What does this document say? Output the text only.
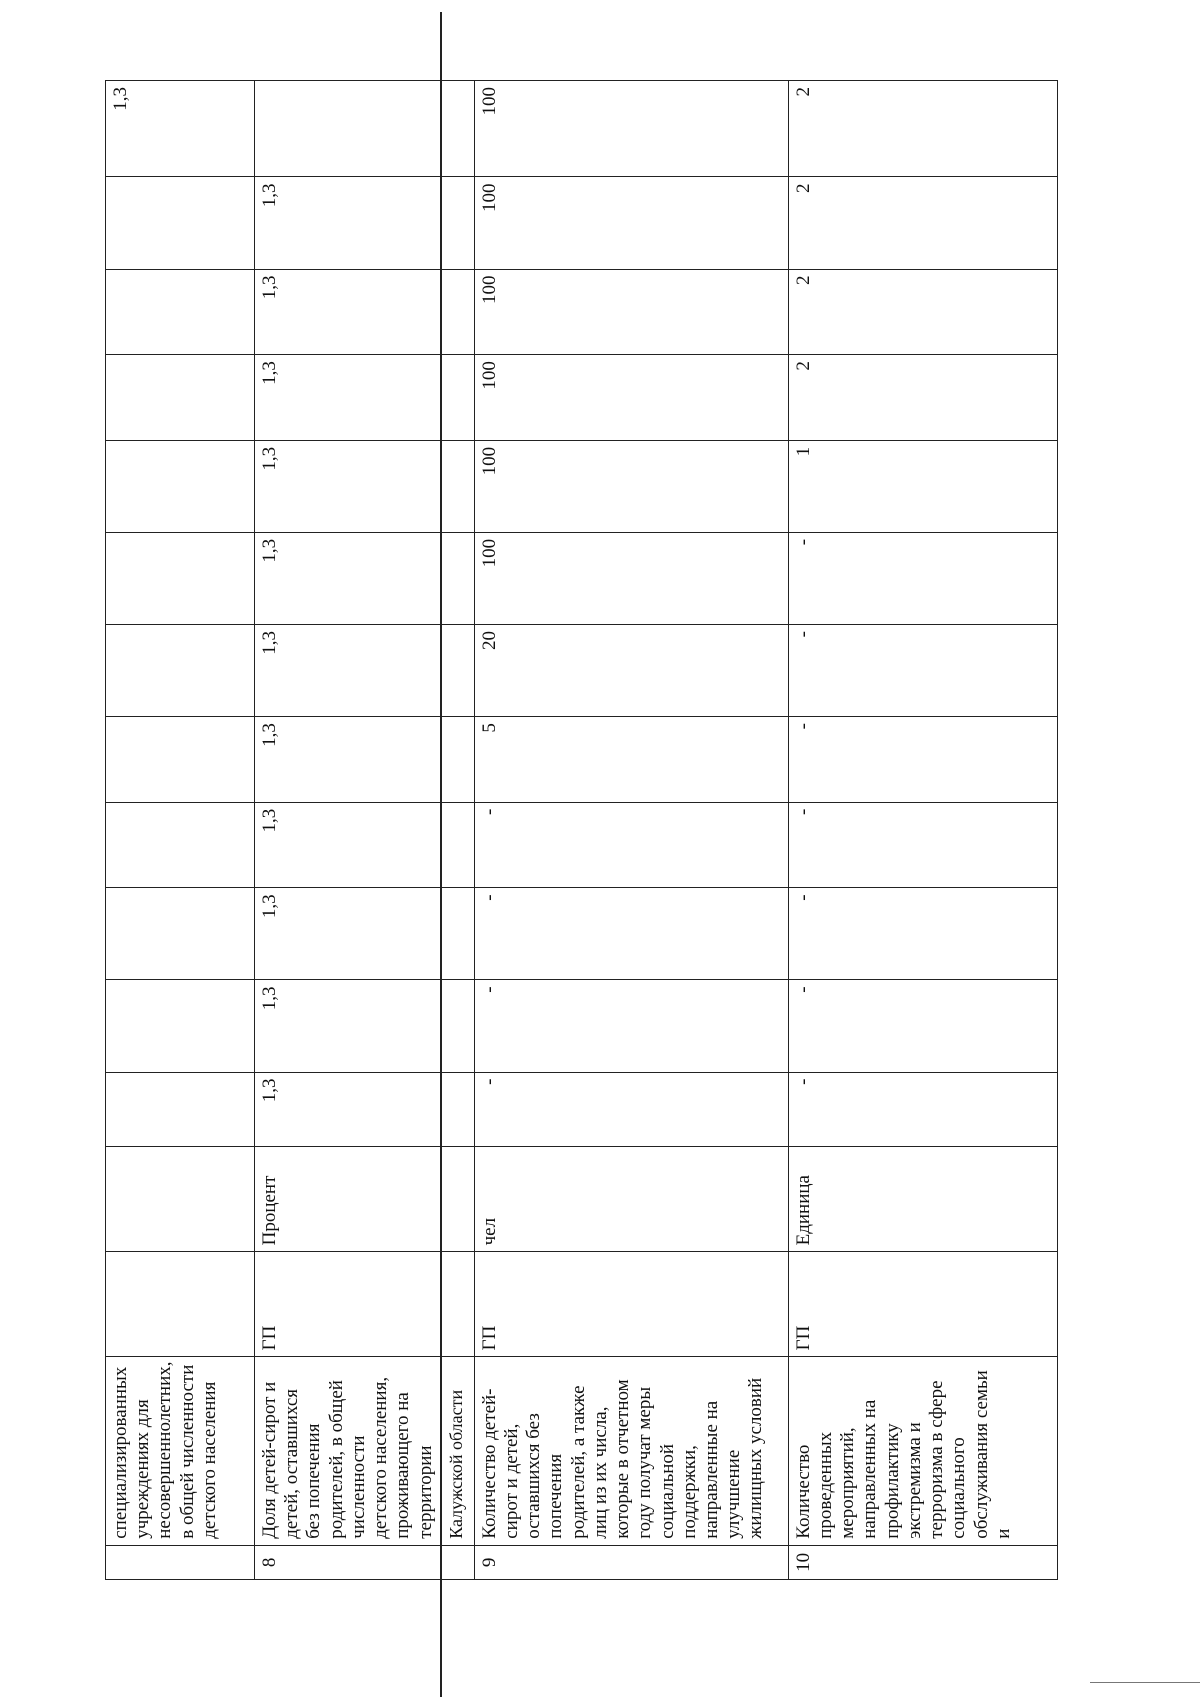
	специализированных учреждениях для несовершеннолетних, в общей численности детского населения														1,3
8	Доля детей-сирот и детей, оставшихся без попечения родителей, в общей численности детского населения, проживающего на территории	ГП	Процент	1,3	1,3	1,3	1,3	1,3	1,3	1,3	1,3	1,3	1,3	1,3	
	Калужской области														
9	Количество детей-сирот и детей, оставшихся без попечения родителей, а также лиц из их числа, которые в отчетном году получат меры социальной поддержки, направленные на улучшение жилищных условий	ГП	чел	-	-	-	-	5	20	100	100	100	100	100	100
10	Количество проведенных мероприятий, направленных на профилактику экстремизма и терроризма в сфере социального обслуживания семьи и	ГП	Единица	-	-	-	-	-	-	-	1	2	2	2	2
